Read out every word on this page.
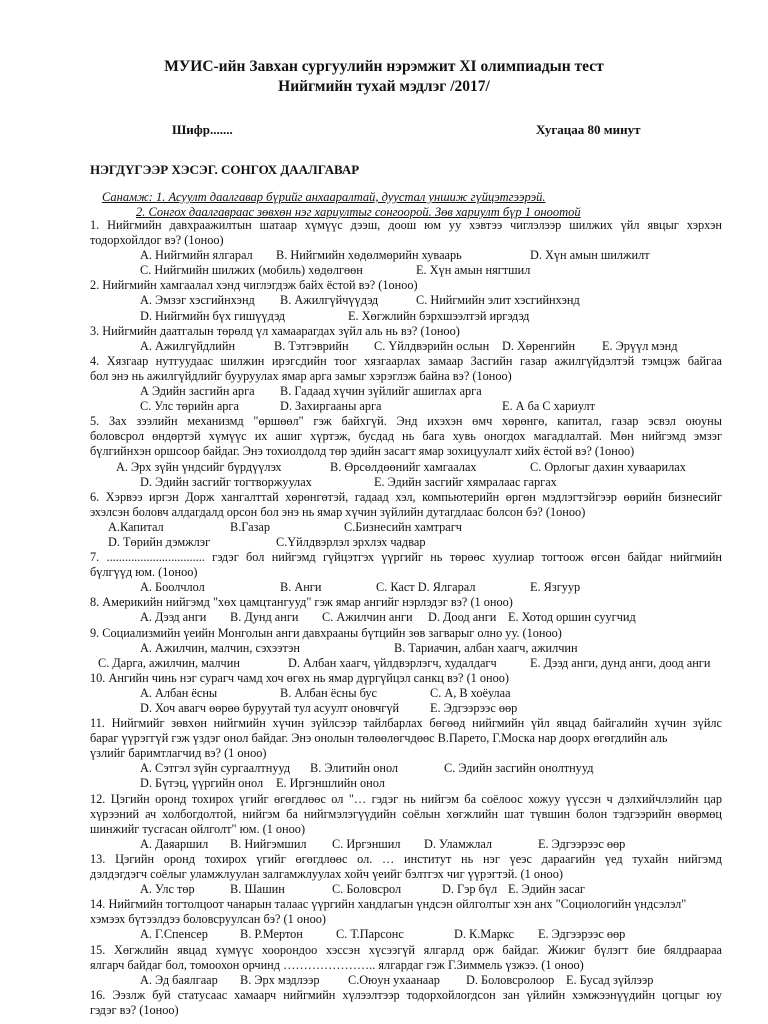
МУИС-ийн Завхан сургуулийн нэрэмжит XI олимпиадын тест
Нийгмийн тухай мэдлэг /2017/
Шифр.......	Хугацаа 80 минут
НЭГДҮГЭЭР ХЭСЭГ. СОНГОХ ДААЛГАВАР
Санамж: 1. Асуулт даалгавар бүрийг анхааралтай, дуустал уншиж гүйцэтгээрэй.
2. Сонгох даалгавраас зөвхөн нэг хариултыг сонгоорой. Зөв хариулт бүр 1 оноотой
1. Нийгмийн давхраажилтын шатаар хүмүүс дээш, доош юм уу хэвтээ чиглэлээр шилжих үйл явцыг хэрхэн
тодорхойлдог вэ? (1оноо)
А. Нийгмийн ялгарал В. Нийгмийн хөдөлмөрийн хуваарь	D. Хүн амын шилжилт
С. Нийгмийн шилжих (мобиль) хөдөлгөөн	Е. Хүн амын нягтшил
2. Нийгмийн хамгаалал хэнд чиглэгдэж байх ёстой вэ? (1оноо)
А. Эмзэг хэсгийнхэнд В. Ажилгүйчүүдэд	С. Нийгмийн элит хэсгийнхэнд
D. Нийгмийн бүх гишүүдэд	Е. Хөгжлийн бэрхшээлтэй иргэдэд
3. Нийгмийн даатгалын төрөлд үл хамаарагдах зүйл аль нь вэ? (1оноо)
А. Ажилгүйдлийн	В. Тэтгэврийн С. Үйлдвэрийн ослын D. Хөренгийн Е. Эрүүл мэнд
4. Хязгаар нутгуудаас шилжин ирэгсдийн тоог хязгаарлах замаар Засгийн газар ажилгүйдэлтэй тэмцэж байгаа
бол энэ нь ажилгүйдлийг бууруулах ямар арга замыг хэрэглэж байна вэ? (1оноо)
А Эдийн засгийн арга В. Гадаад хүчин зүйлийг ашиглах арга
С. Улс төрийн арга	D. Захиргааны арга	Е. А ба С хариулт
5. Зах зээлийн механизмд "өршөөл" гэж байхгүй. Энд ихэхэн өмч хөрөнгө, капитал, газар эсвэл оюуны
боловсрол өндөртэй хүмүүс их ашиг хүртэж, бусдад нь бага хувь оногдох магадлалтай. Мөн нийгэмд эмзэг
бүлгийнхэн оршсоор байдаг. Энэ тохиолдолд төр эдийн засагт ямар зохицуулалт хийх ёстой вэ? (1оноо)
А. Эрх зүйн үндсийг бүрдүүлэх	В. Өрсөлдөөнийг хамгаалах	С. Орлогыг дахин хуваарилах
D. Эдийн засгийг тогтворжуулах	Е. Эдийн засгийг хямралаас гаргах
6. Хэрвээ иргэн Дорж хангалттай хөрөнгөтэй, гадаад хэл, компьютерийн өргөн мэдлэгтэйгээр өөрийн бизнесийг
эхэлсэн боловч алдагдалд орсон бол энэ нь ямар хүчин зүйлийн дутагдлаас болсон бэ? (1оноо)
А.Капитал	В.Газар	С.Бизнесийн хамтрагч
D. Төрийн дэмжлэг	С.Үйлдвэрлэл эрхлэх чадвар
7. ................................ гэдэг бол нийгэмд гүйцэтгэх үүргийг нь төрөөс хуулиар тогтоож өгсөн байдаг нийгмийн
бүлгүүд юм. (1оноо)
А. Боолчлол	В. Анги	С. Каст D. Ялгарал	Е. Язгуур
8. Америкийн нийгэмд "хөх цамцтангууд" гэж ямар ангийг нэрлэдэг вэ? (1 оноо)
А. Дээд анги В. Дунд анги С. Ажилчин анги D. Доод анги Е. Хотод оршин суугчид
9. Социализмийн үеийн Монголын анги давхрааны бүтцийн зөв загварыг олно уу. (1оноо)
А. Ажилчин, малчин, сэхээтэн	В. Тариачин, албан хаагч, ажилчин
С. Дарга, ажилчин, малчин	D. Албан хаагч, үйлдвэрлэгч, худалдагч	Е. Дээд анги, дунд анги, доод анги
10. Ангийн чинь нэг сурагч чамд хоч өгөх нь ямар дүргүйцэл санкц вэ? (1 оноо)
А. Албан ёсны	В. Албан ёсны бус	С. А, В хоёулаа
D. Хоч авагч өөрөө буруутай тул асуулт оновчгүй	Е. Эдгээрээс өөр
11. Нийгмийг зөвхөн нийгмийн хүчин зүйлсээр тайлбарлах бөгөөд нийгмийн үйл явцад байгалийн хүчин зүйлс
бараг үүрэггүй гэж үздэг онол байдаг. Энэ онолын төлөөлөгчдөөс В.Парето, Г.Моска нар доорх өгөгдлийн аль
үзлийг баримтлагчид вэ? (1 оноо)
А. Сэтгэл зүйн сургаалтнууд В. Элитийн онол	С. Эдийн засгийн онолтнууд
D. Бүтэц, үүргийн онол Е. Иргэншлийн онол
12. Цэгийн оронд тохирох үгийг өгөгдлөөс ол "… гэдэг нь нийгэм ба соёлоос хожуу үүссэн ч дэлхийчлэлийн цар
хүрээний ач холбогдолтой, нийгэм ба нийгмэлэгүүдийн соёлын хөгжлийн шат түвшин болон тэдгээрийн өвөрмөц
шинжийг тусгасан ойлголт" юм. (1 оноо)
А. Даяаршил В. Нийгэмшил С. Иргэншил D. Уламжлал	Е. Эдгээрээс өөр
13. Цэгийн оронд тохирох үгийг өгөгдлөөс ол. … институт нь нэг үеэс дараагийн үед тухайн нийгэмд
дэлдэгдэгч соёлыг уламжлуулан залгамжлуулах хойч үеийг бэлтгэх чиг үүрэгтэй. (1 оноо)
А. Улс төр	В. Шашин	С. Боловсрол	D. Гэр бүл Е. Эдийн засаг
14. Нийгмийн тогтолцоот чанарын талаас үүргийн хандлагын үндсэн ойлголтыг хэн анх "Социологийн үндсэлэл"
хэмээх бүтээлдээ боловсруулсан бэ? (1 оноо)
А. Г.Спенсер	В. Р.Мертон	С. Т.Парсонс	D. К.Маркс Е. Эдгээрээс өөр
15. Хөгжлийн явцад хүмүүс хоорондоо хэссэн хүсээгүй ялгарлд орж байдаг. Жижиг бүлэгт бие бялдраараа
ялгарч байдаг бол, томоохон орчинд ………………….. ялгардаг гэж Г.Зиммель үзжээ. (1 оноо)
А. Эд баялгаар В. Эрх мэдлээр С.Оюун ухаанаар D. Боловсролоор Е. Бусад зүйлээр
16. Ээзлж буй статусаас хамаарч нийгмийн хүлээлтээр тодорхойлогдсон зан үйлийн хэмжээнүүдийн цогцыг юу
гэдэг вэ? (1оноо)
